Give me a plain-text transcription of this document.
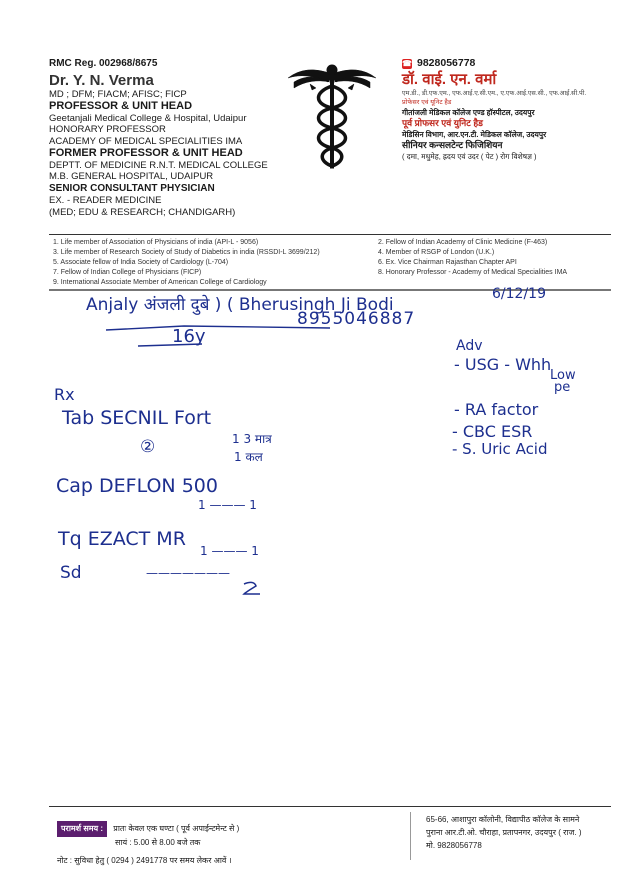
RMC Reg. 002968/8675
Dr. Y. N. Verma
MD ; DFM; FIACM; AFISC; FICP
PROFESSOR & UNIT HEAD
Geetanjali Medical College & Hospital, Udaipur
HONORARY PROFESSOR
ACADEMY OF MEDICAL SPECIALITIES IMA
FORMER PROFESSOR & UNIT HEAD
DEPTT. OF MEDICINE R.N.T. MEDICAL COLLEGE
M.B. GENERAL HOSPITAL, UDAIPUR
SENIOR CONSULTANT PHYSICIAN
EX. - READER MEDICINE
(MED; EDU & RESEARCH; CHANDIGARH)
☎ 9828056778
डॉ. वाई. एन. वर्मा
एम.डी., डी.एफ.एम., एफ.आई.ए.सी.एम., ए.एफ.आई.एस.सी., एफ.आई.सी.पी.
प्रोफेसर एवं यूनिट हैड
गीतांजली मेडिकल कॉलेज एण्ड हॉस्पीटल, उदयपुर
पूर्व प्रोफसर एवं युनिट हैड
मेडिसिन विभाग, आर.एन.टी. मेडिकल कॉलेज, उदयपुर
सीनियर कन्सलटेन्ट फिजिशियन
( दमा, मधुमेह, ह्रदय एवं उदर ( पेट ) रोग विशेषज्ञ )
1. Life member of Association of Physicians of india (API-L - 9056)
3. Life member of Research Society of Study of Diabetics in india (RSSDI-L 3699/212)
5. Associate fellow of India Society of Cardiology (L-704)
7. Fellow of Indian College of Physicians (FICP)
9. International Associate Member of American College of Cardiology
2. Fellow of Indian Academy of Clinic Medicine (F-463)
4. Member of RSGP of London (U.K.)
6. Ex. Vice Chairman Rajasthan Chapter API
8. Honorary Professor - Academy of Medical Specialities IMA
Anjaly अंजली दुबे ) ( Bherusingh Ji Bodi
6/12/19
8955046887
16y
Rx
Tab SECNIL Fort
②	1 3 मात्र
1 कल
Cap DEFLON 500
1 ——— 1
Tq EZACT MR
1 ——— 1
Sd	———————
Adv
- USG - Whh
Low
pe
- RA factor
- CBC ESR
- S. Uric Acid
परामर्श समय : प्रातः केवल एक घण्टा ( पूर्व अपाईन्टमेन्ट से )
सायं : 5.00 से 8.00 बजे तक
नोट : सुविधा हेतु ( 0294 ) 2491778 पर समय लेकर आवें ।
65-66, आशापुरा कॉलोनी, विद्यापीठ कॉलेज के सामने
पुराना आर.टी.ओ. चौराहा, प्रतापनगर, उदयपुर ( राज. )
मो. 9828056778
